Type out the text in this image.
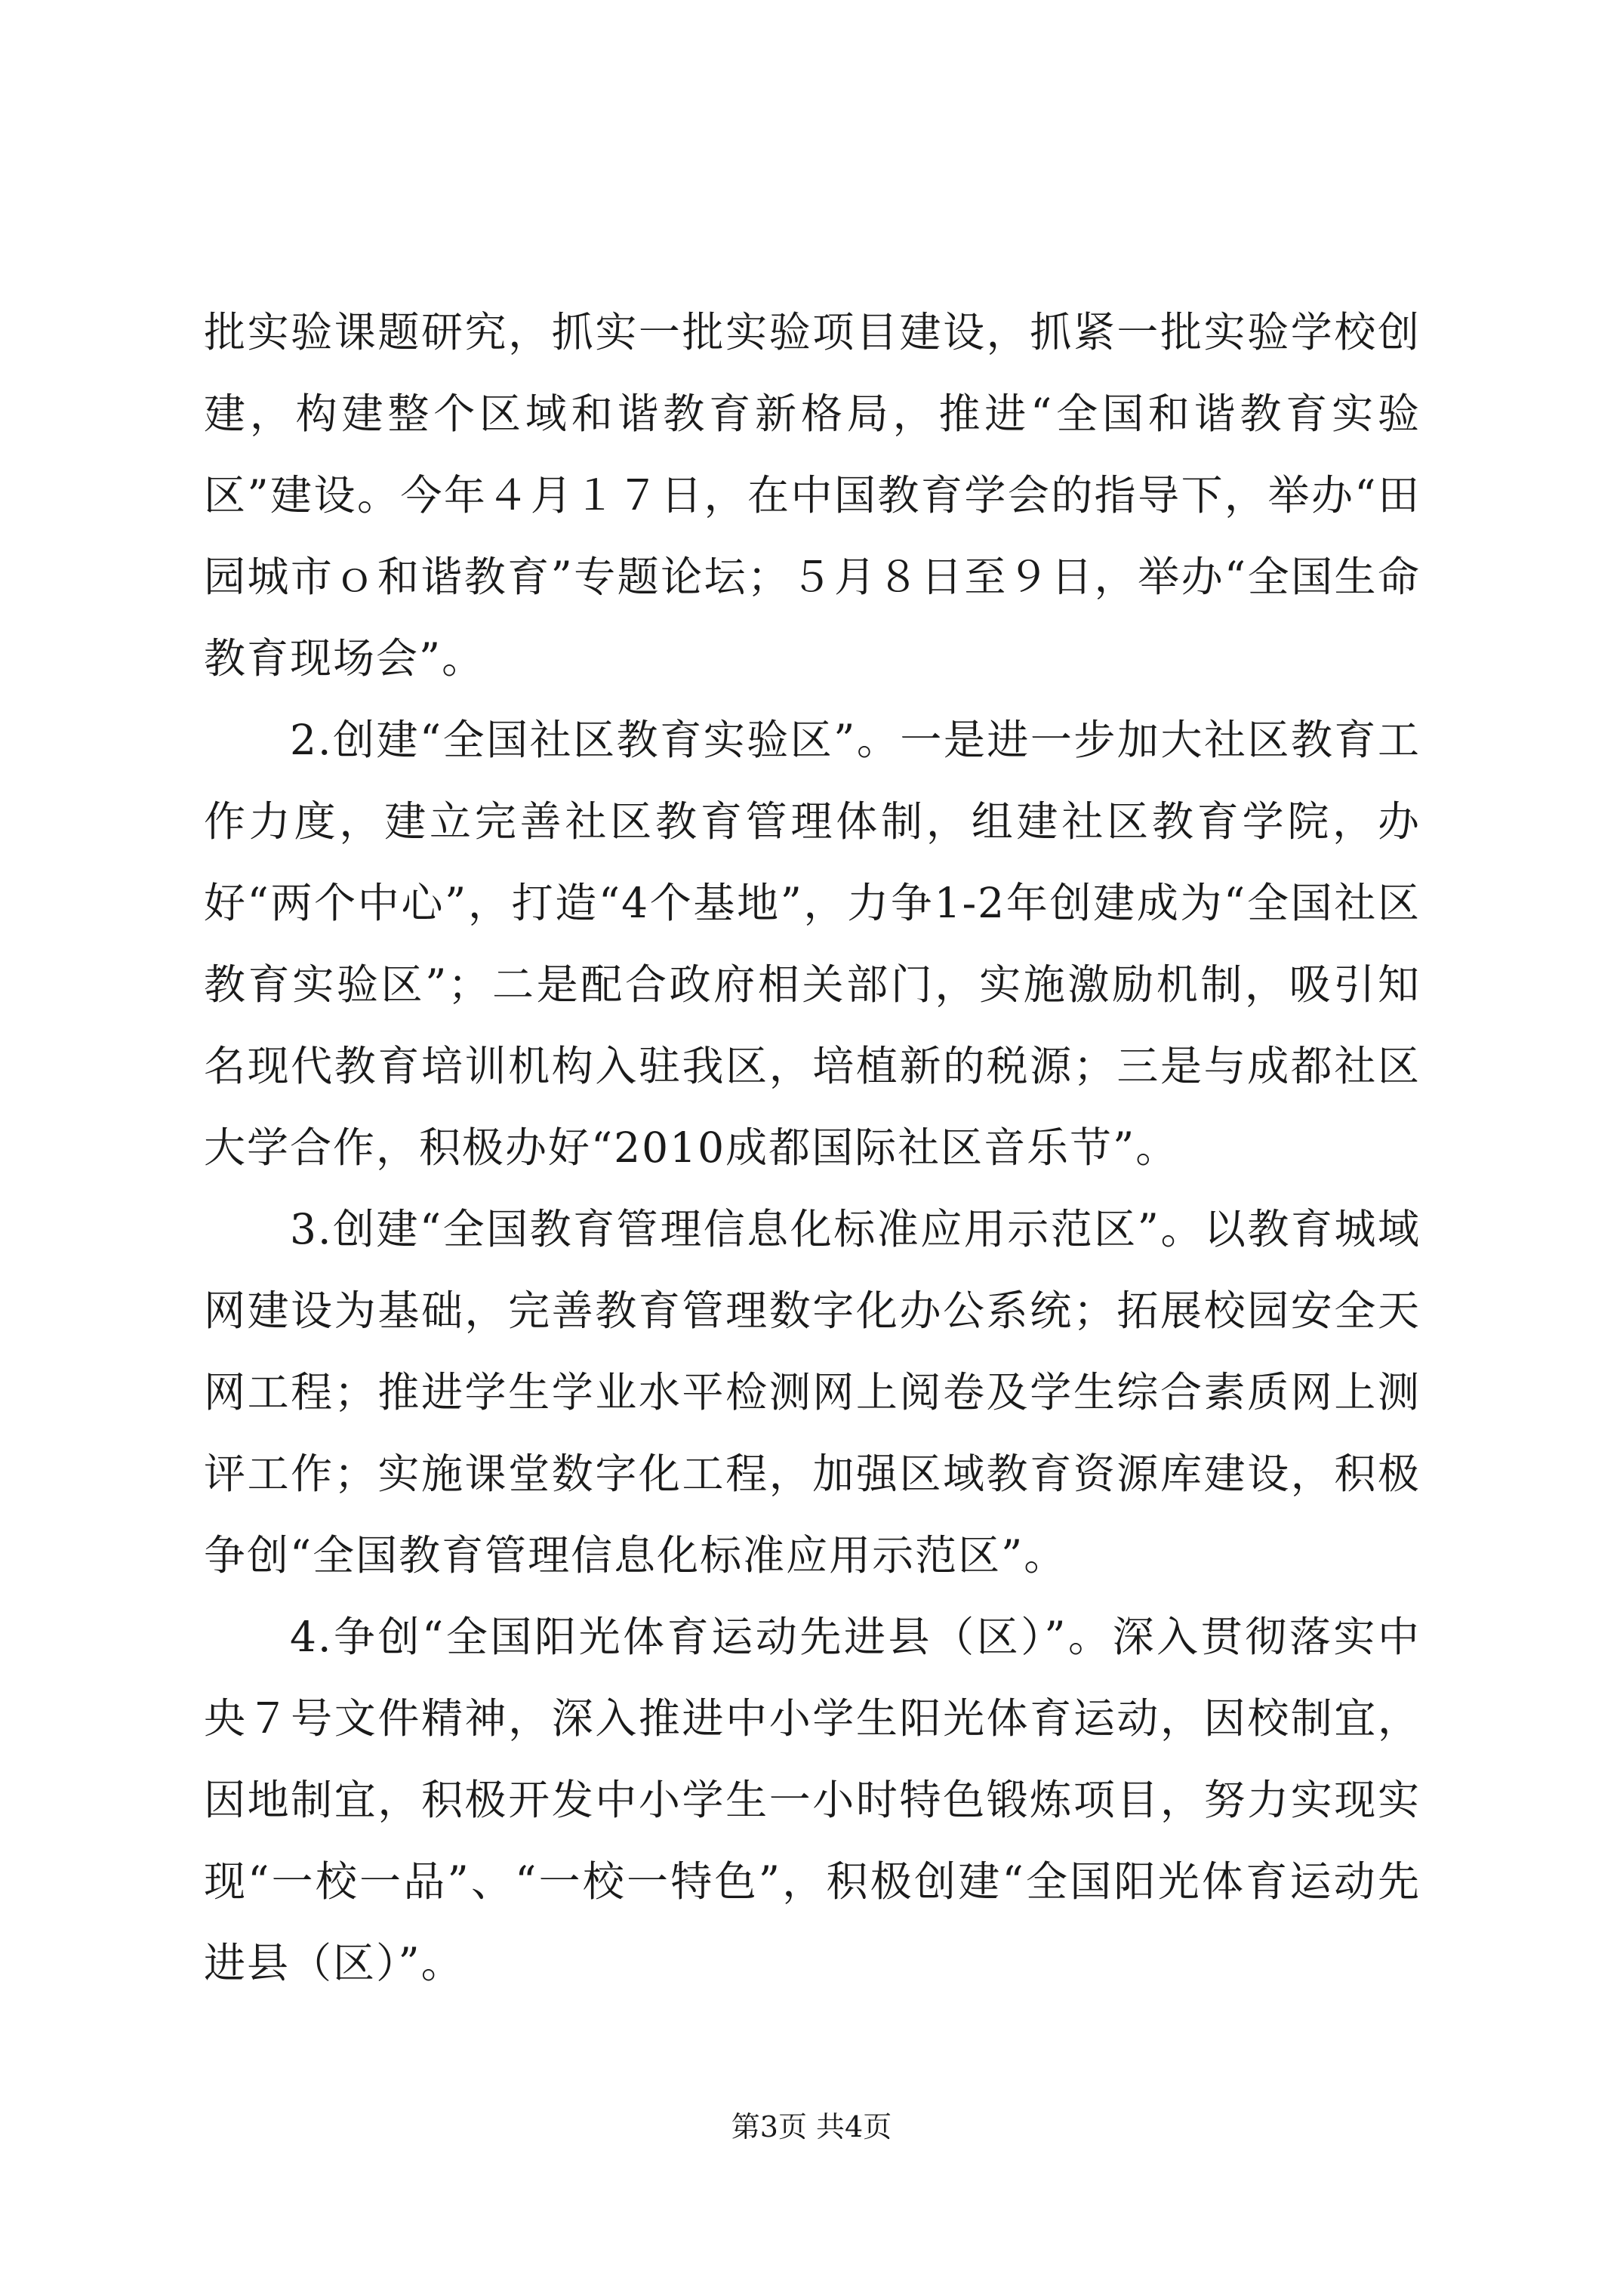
批实验课题研究，抓实一批实验项目建设，抓紧一批实验学校创建，构建整个区域和谐教育新格局，推进“全国和谐教育实验区”建设。今年４月１７日，在中国教育学会的指导下，举办“田园城市ｏ和谐教育”专题论坛；５月８日至９日，举办“全国生命教育现场会”。

2.创建“全国社区教育实验区”。一是进一步加大社区教育工作力度，建立完善社区教育管理体制，组建社区教育学院，办好“两个中心”，打造“4个基地”，力争1-2年创建成为“全国社区教育实验区”；二是配合政府相关部门，实施激励机制，吸引知名现代教育培训机构入驻我区，培植新的税源；三是与成都社区大学合作，积极办好“2010成都国际社区音乐节”。

3.创建“全国教育管理信息化标准应用示范区”。以教育城域网建设为基础，完善教育管理数字化办公系统；拓展校园安全天网工程；推进学生学业水平检测网上阅卷及学生综合素质网上测评工作；实施课堂数字化工程，加强区域教育资源库建设，积极争创“全国教育管理信息化标准应用示范区”。

4.争创“全国阳光体育运动先进县（区）”。深入贯彻落实中央７号文件精神，深入推进中小学生阳光体育运动，因校制宜，因地制宜，积极开发中小学生一小时特色锻炼项目，努力实现实现“一校一品”、“一校一特色”，积极创建“全国阳光体育运动先进县（区）”。

第3页 共4页
